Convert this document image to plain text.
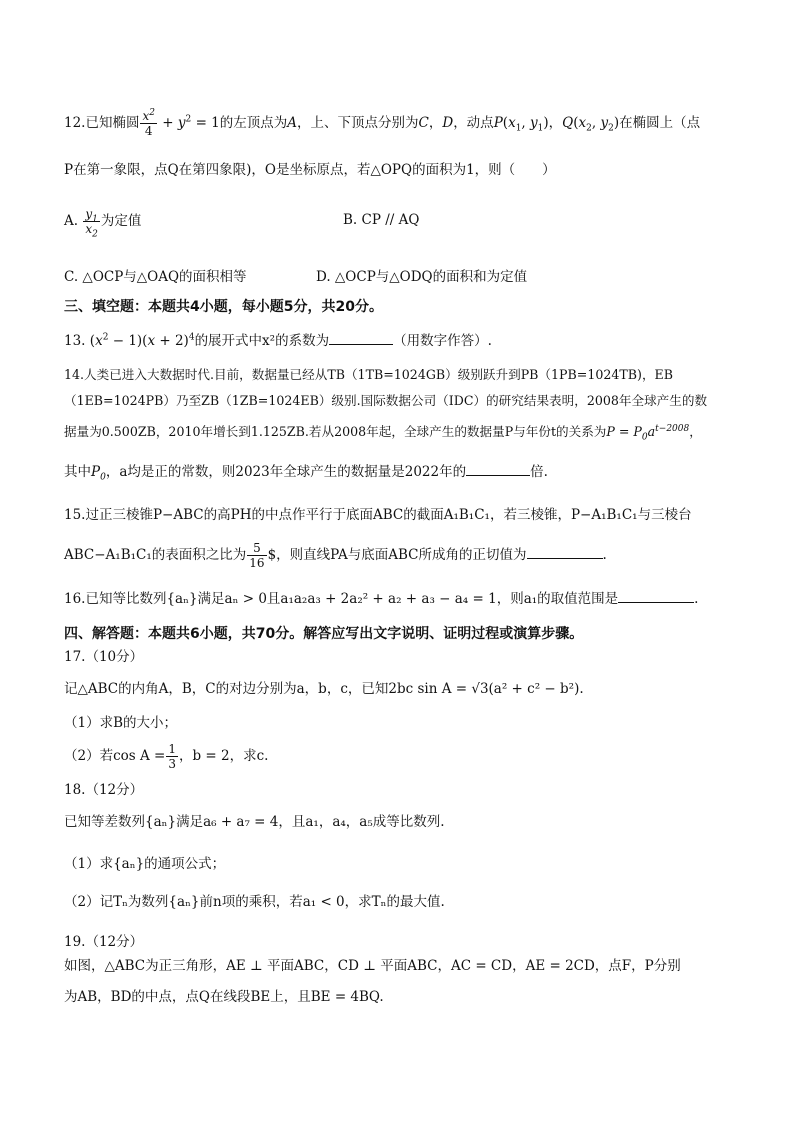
12.已知椭圆 $\frac{x^2}{4} + y^2 = 1$的左顶点为A，上、下顶点分别为C，D，动点$P(x_1$, $y_1$)，$Q(x_2$, $y_2$)在椭圆上（点
P在第一象限，点Q在第四象限)，O是坐标原点，若△OPQ的面积为1，则（　　）
A. $\frac{y_1}{x_2}$ 为定值	B. CP // AQ
C. △OCP与△OAQ的面积相等	D. △OCP与△ODQ的面积和为定值
三、填空题：本题共4小题，每小题5分，共20分。
13. $(x^2 - 1)(x + 2)^4$的展开式中x²的系数为	（用数字作答）.
14.人类已进入大数据时代.目前，数据量已经从TB（1TB=1024GB）级别跃升到PB（1PB=1024TB)，EB
（1EB=1024PB）乃至ZB（1ZB=1024EB）级别.国际数据公司（IDC）的研究结果表明，2008年全球产生的数
据量为0.500ZB，2010年增长到1.125ZB.若从2008年起，全球产生的数据量P与年份t的关系为$P = P_0a^{t-2008}$，
其中$P_0$，a均是正的常数，则2023年全球产生的数据量是2022年的	倍.
15.过正三棱锥P−ABC的高PH的中点作平行于底面ABC的截面A₁B₁C₁，若三棱锥，P−A₁B₁C₁与三棱台
ABC−A₁B₁C₁的表面积之比为 $\frac{5}{16}$ $，则直线PA与底面ABC所成角的正切值为	.
16.已知等比数列{aₙ}满足aₙ > 0且a₁a₂a₃ + 2a₂² + a₂ + a₃ − a₄ = 1，则a₁的取值范围是	.
四、解答题：本题共6小题，共70分。解答应写出文字说明、证明过程或演算步骤。
17.（10分）
记△ABC的内角A，B，C的对边分别为a，b，c，已知2bc sin A = √3(a² + c² − b²).
（1）求B的大小；
（2）若$\cos A = \frac{1}{3}$ ，b = 2，求c.
18.（12分）
已知等差数列{aₙ}满足a₆ + a₇ = 4，且a₁，a₄，a₅成等比数列.
（1）求{aₙ}的通项公式；
（2）记Tₙ为数列{aₙ}前n项的乘积，若a₁ < 0，求Tₙ的最大值.
19.（12分）
如图，△ABC为正三角形，AE ⊥ 平面ABC，CD ⊥ 平面ABC，AC = CD，AE = 2CD，点F，P分别
为AB，BD的中点，点Q在线段BE上，且BE = 4BQ.
